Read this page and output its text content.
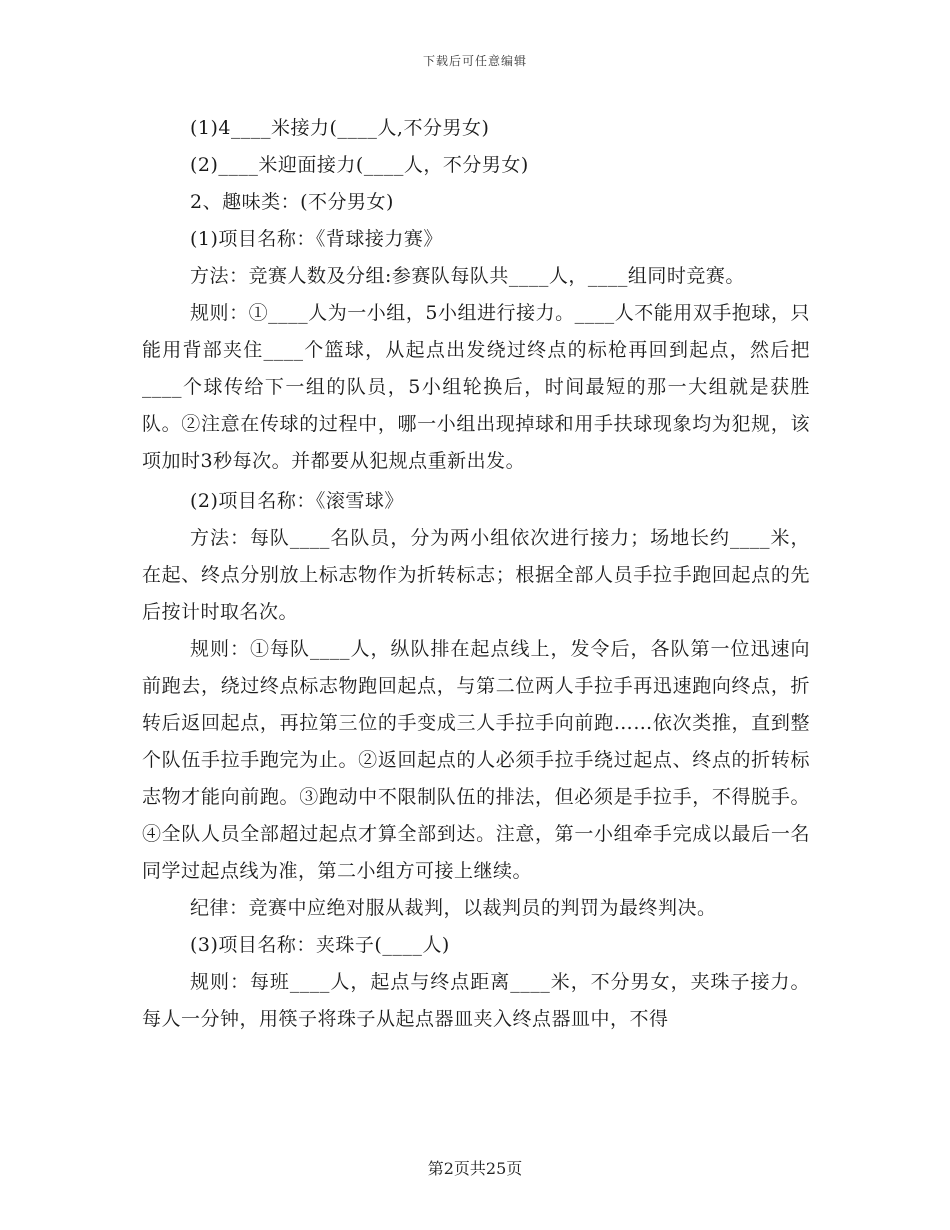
下载后可任意编辑

(1)4____米接力(____人,不分男女)

(2)____米迎面接力(____人，不分男女)

2、趣味类：(不分男女)

(1)项目名称：《背球接力赛》

方法：竞赛人数及分组:参赛队每队共____人，____组同时竞赛。

规则：①____人为一小组，5小组进行接力。____人不能用双手抱球，只能用背部夹住____个篮球，从起点出发绕过终点的标枪再回到起点，然后把____个球传给下一组的队员，5小组轮换后，时间最短的那一大组就是获胜队。②注意在传球的过程中，哪一小组出现掉球和用手扶球现象均为犯规，该项加时3秒每次。并都要从犯规点重新出发。

(2)项目名称：《滚雪球》

方法：每队____名队员，分为两小组依次进行接力；场地长约____米，在起、终点分别放上标志物作为折转标志；根据全部人员手拉手跑回起点的先后按计时取名次。

规则：①每队____人，纵队排在起点线上，发令后，各队第一位迅速向前跑去，绕过终点标志物跑回起点，与第二位两人手拉手再迅速跑向终点，折转后返回起点，再拉第三位的手变成三人手拉手向前跑……依次类推，直到整个队伍手拉手跑完为止。②返回起点的人必须手拉手绕过起点、终点的折转标志物才能向前跑。③跑动中不限制队伍的排法，但必须是手拉手，不得脱手。④全队人员全部超过起点才算全部到达。注意，第一小组牵手完成以最后一名同学过起点线为准，第二小组方可接上继续。

纪律：竞赛中应绝对服从裁判，以裁判员的判罚为最终判决。

(3)项目名称：夹珠子(____人)

规则：每班____人，起点与终点距离____米，不分男女，夹珠子接力。每人一分钟，用筷子将珠子从起点器皿夹入终点器皿中，不得

第2页共25页
